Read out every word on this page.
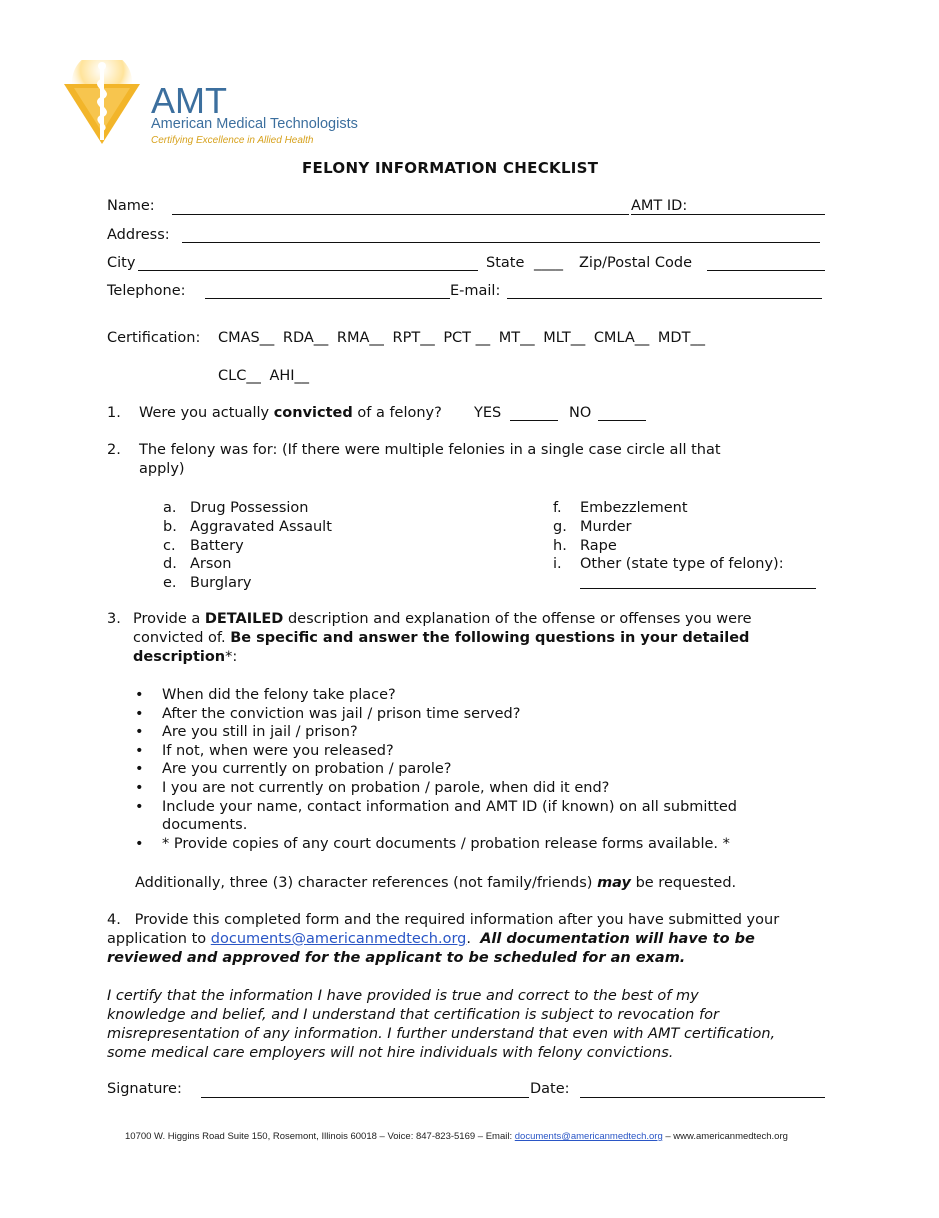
AMT
American Medical Technologists
Certifying Excellence in Allied Health
FELONY INFORMATION CHECKLIST
Name:	AMT ID:
Address:
City	State ____ Zip/Postal Code
Telephone:	E-mail:
Certification: CMAS__ RDA__ RMA__ RPT__ PCT __ MT__ MLT__ CMLA__ MDT__
CLC__ AHI__
1. Were you actually convicted of a felony? YES	NO
2. The felony was for: (If there were multiple felonies in a single case circle all that
apply)
a. Drug Possession
b. Aggravated Assault
c. Battery
d. Arson
e. Burglary
f. Embezzlement
g. Murder
h. Rape
i. Other (state type of felony):
3. Provide a DETAILED description and explanation of the offense or offenses you were
convicted of. Be specific and answer the following questions in your detailed
description*:
• When did the felony take place?
• After the conviction was jail / prison time served?
• Are you still in jail / prison?
• If not, when were you released?
• Are you currently on probation / parole?
• I you are not currently on probation / parole, when did it end?
• Include your name, contact information and AMT ID (if known) on all submitted
documents.
• * Provide copies of any court documents / probation release forms available. *
Additionally, three (3) character references (not family/friends) may be requested.
4. Provide this completed form and the required information after you have submitted your
application to documents@americanmedtech.org. All documentation will have to be
reviewed and approved for the applicant to be scheduled for an exam.
I certify that the information I have provided is true and correct to the best of my
knowledge and belief, and I understand that certification is subject to revocation for
misrepresentation of any information. I further understand that even with AMT certification,
some medical care employers will not hire individuals with felony convictions.
Signature:	Date:
10700 W. Higgins Road Suite 150, Rosemont, Illinois 60018 – Voice: 847-823-5169 – Email: documents@americanmedtech.org – www.americanmedtech.org
